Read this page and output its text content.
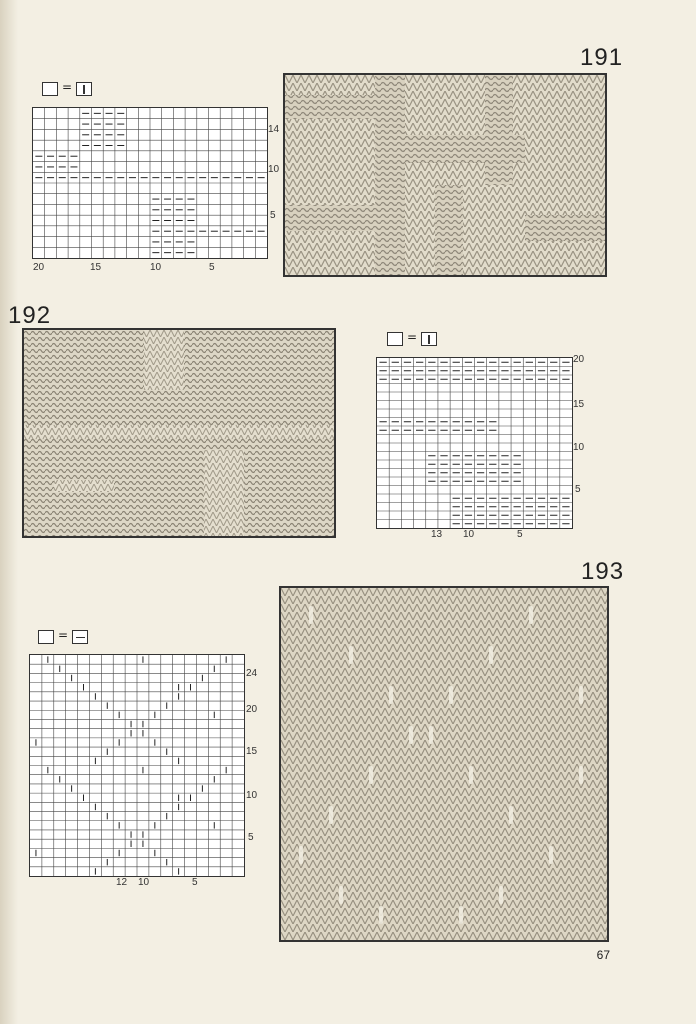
191
=
14
10
5
20	15	10	5
192
=
20
15
10
5
13 10	5
193
=
24
20
15
10
5
12 10	5
67
